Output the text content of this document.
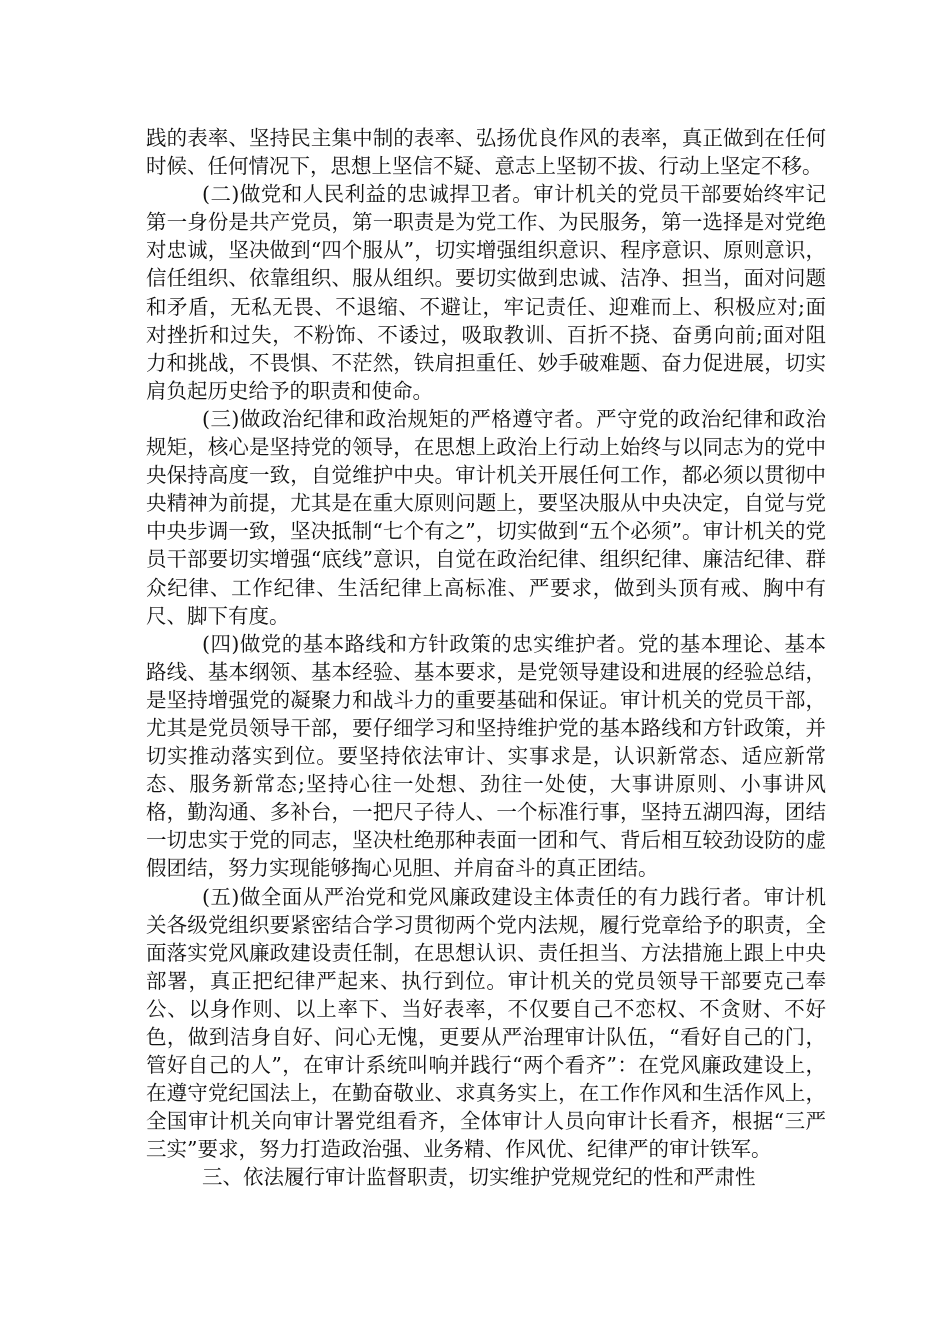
践的表率、坚持民主集中制的表率、弘扬优良作风的表率，真正做到在任何时候、任何情况下，思想上坚信不疑、意志上坚韧不拔、行动上坚定不移。

(二)做党和人民利益的忠诚捍卫者。审计机关的党员干部要始终牢记第一身份是共产党员，第一职责是为党工作、为民服务，第一选择是对党绝对忠诚，坚决做到“四个服从”，切实增强组织意识、程序意识、原则意识，信任组织、依靠组织、服从组织。要切实做到忠诚、洁净、担当，面对问题和矛盾，无私无畏、不退缩、不避让，牢记责任、迎难而上、积极应对;面对挫折和过失，不粉饰、不诿过，吸取教训、百折不挠、奋勇向前;面对阻力和挑战，不畏惧、不茫然，铁肩担重任、妙手破难题、奋力促进展，切实肩负起历史给予的职责和使命。

(三)做政治纪律和政治规矩的严格遵守者。严守党的政治纪律和政治规矩，核心是坚持党的领导，在思想上政治上行动上始终与以同志为的党中央保持高度一致，自觉维护中央。审计机关开展任何工作，都必须以贯彻中央精神为前提，尤其是在重大原则问题上，要坚决服从中央决定，自觉与党中央步调一致，坚决抵制“七个有之”，切实做到“五个必须”。审计机关的党员干部要切实增强“底线”意识，自觉在政治纪律、组织纪律、廉洁纪律、群众纪律、工作纪律、生活纪律上高标准、严要求，做到头顶有戒、胸中有尺、脚下有度。

(四)做党的基本路线和方针政策的忠实维护者。党的基本理论、基本路线、基本纲领、基本经验、基本要求，是党领导建设和进展的经验总结，是坚持增强党的凝聚力和战斗力的重要基础和保证。审计机关的党员干部，尤其是党员领导干部，要仔细学习和坚持维护党的基本路线和方针政策，并切实推动落实到位。要坚持依法审计、实事求是，认识新常态、适应新常态、服务新常态;坚持心往一处想、劲往一处使，大事讲原则、小事讲风格，勤沟通、多补台，一把尺子待人、一个标准行事，坚持五湖四海，团结一切忠实于党的同志，坚决杜绝那种表面一团和气、背后相互较劲设防的虚假团结，努力实现能够掏心见胆、并肩奋斗的真正团结。

(五)做全面从严治党和党风廉政建设主体责任的有力践行者。审计机关各级党组织要紧密结合学习贯彻两个党内法规，履行党章给予的职责，全面落实党风廉政建设责任制，在思想认识、责任担当、方法措施上跟上中央部署，真正把纪律严起来、执行到位。审计机关的党员领导干部要克己奉公、以身作则、以上率下、当好表率，不仅要自己不恋权、不贪财、不好色，做到洁身自好、问心无愧，更要从严治理审计队伍，“看好自己的门，管好自己的人”，在审计系统叫响并践行“两个看齐”：在党风廉政建设上，在遵守党纪国法上，在勤奋敬业、求真务实上，在工作作风和生活作风上，全国审计机关向审计署党组看齐，全体审计人员向审计长看齐，根据“三严三实”要求，努力打造政治强、业务精、作风优、纪律严的审计铁军。

三、依法履行审计监督职责，切实维护党规党纪的性和严肃性
